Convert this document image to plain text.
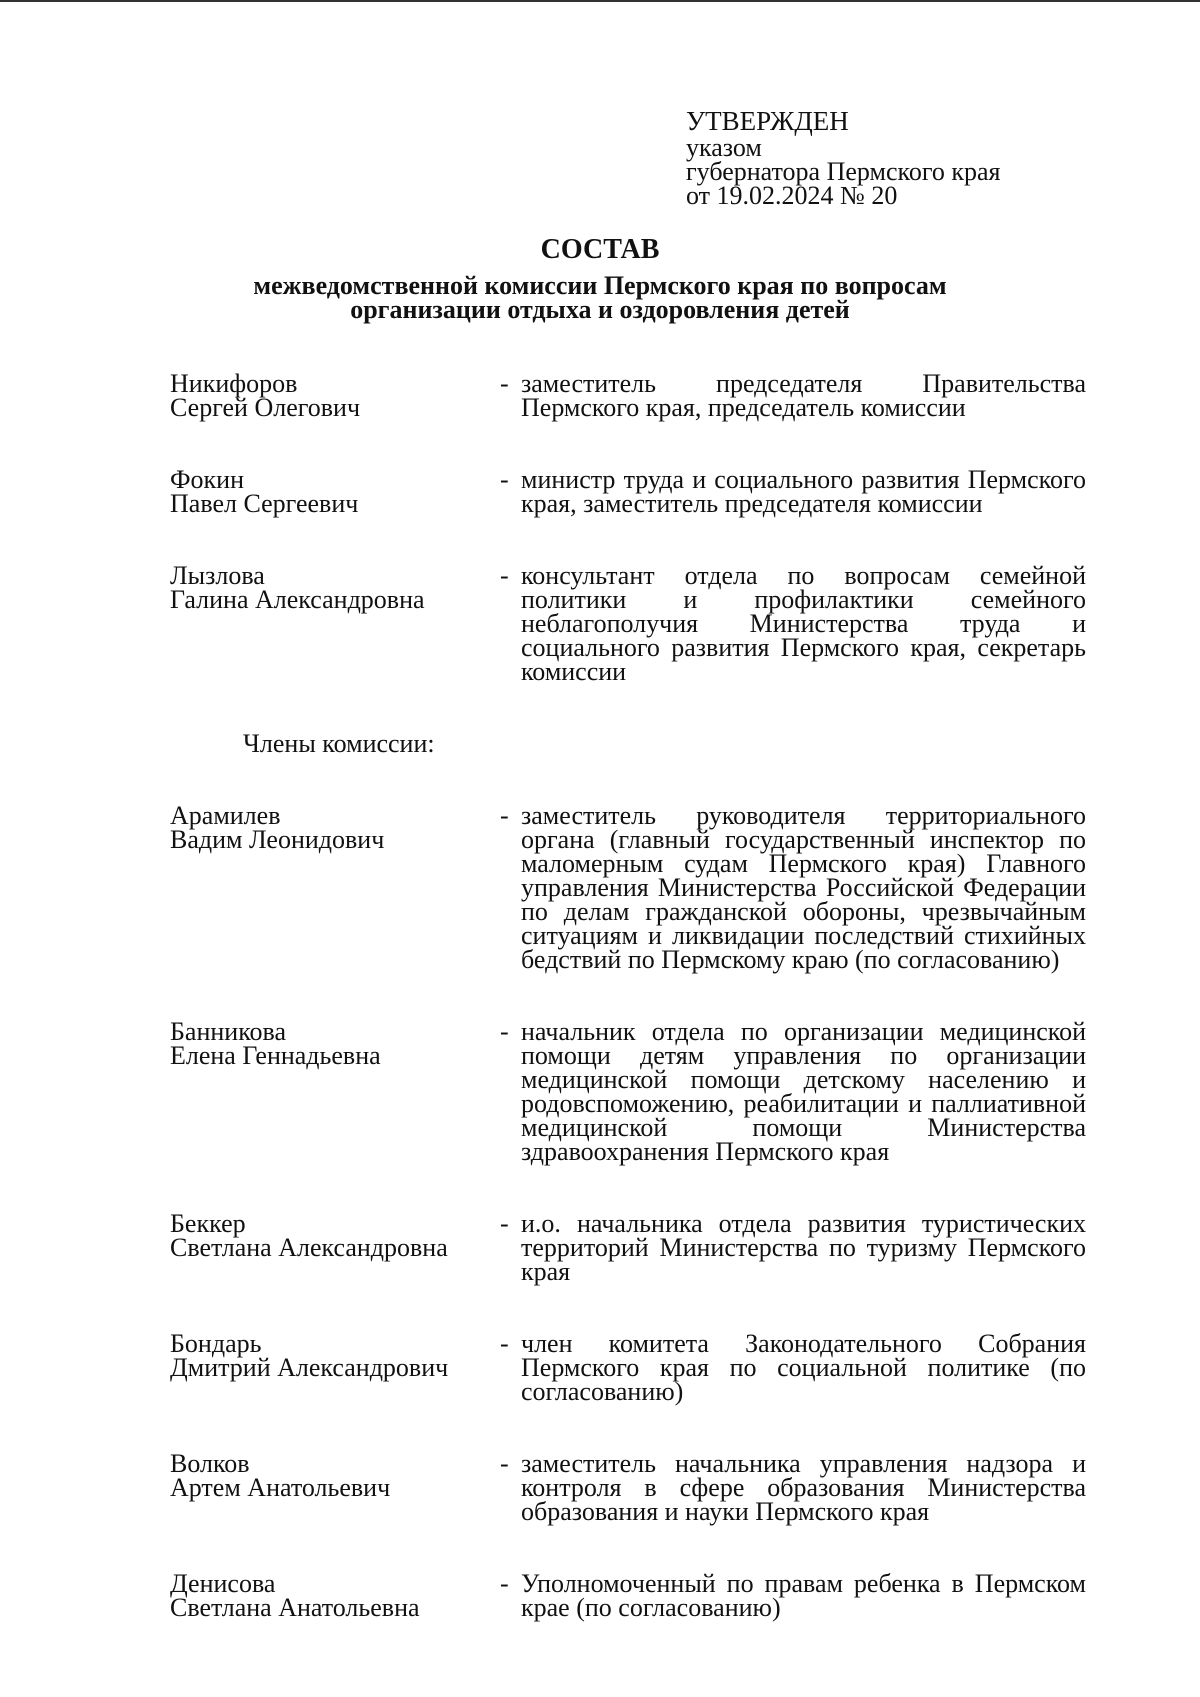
УТВЕРЖДЕН
указом
губернатора Пермского края
от 19.02.2024 № 20
СОСТАВ
межведомственной комиссии Пермского края по вопросам
организации отдыха и оздоровления детей
Никифоров
Сергей Олегович
- заместитель председателя Правительства Пермского края, председатель комиссии
Фокин
Павел Сергеевич
- министр труда и социального развития Пермского края, заместитель председателя комиссии
Лызлова
Галина Александровна
- консультант отдела по вопросам семейной политики и профилактики семейного неблагополучия Министерства труда и социального развития Пермского края, секретарь комиссии
Члены комиссии:
Арамилев
Вадим Леонидович
- заместитель руководителя территориального органа (главный государственный инспектор по маломерным судам Пермского края) Главного управления Министерства Российской Федерации по делам гражданской обороны, чрезвычайным ситуациям и ликвидации последствий стихийных бедствий по Пермскому краю (по согласованию)
Банникова
Елена Геннадьевна
- начальник отдела по организации медицинской помощи детям управления по организации медицинской помощи детскому населению и родовспоможению, реабилитации и паллиативной медицинской помощи Министерства здравоохранения Пермского края
Беккер
Светлана Александровна
- и.о. начальника отдела развития туристических территорий Министерства по туризму Пермского края
Бондарь
Дмитрий Александрович
- член комитета Законодательного Собрания Пермского края по социальной политике (по согласованию)
Волков
Артем Анатольевич
- заместитель начальника управления надзора и контроля в сфере образования Министерства образования и науки Пермского края
Денисова
Светлана Анатольевна
- Уполномоченный по правам ребенка в Пермском крае (по согласованию)
